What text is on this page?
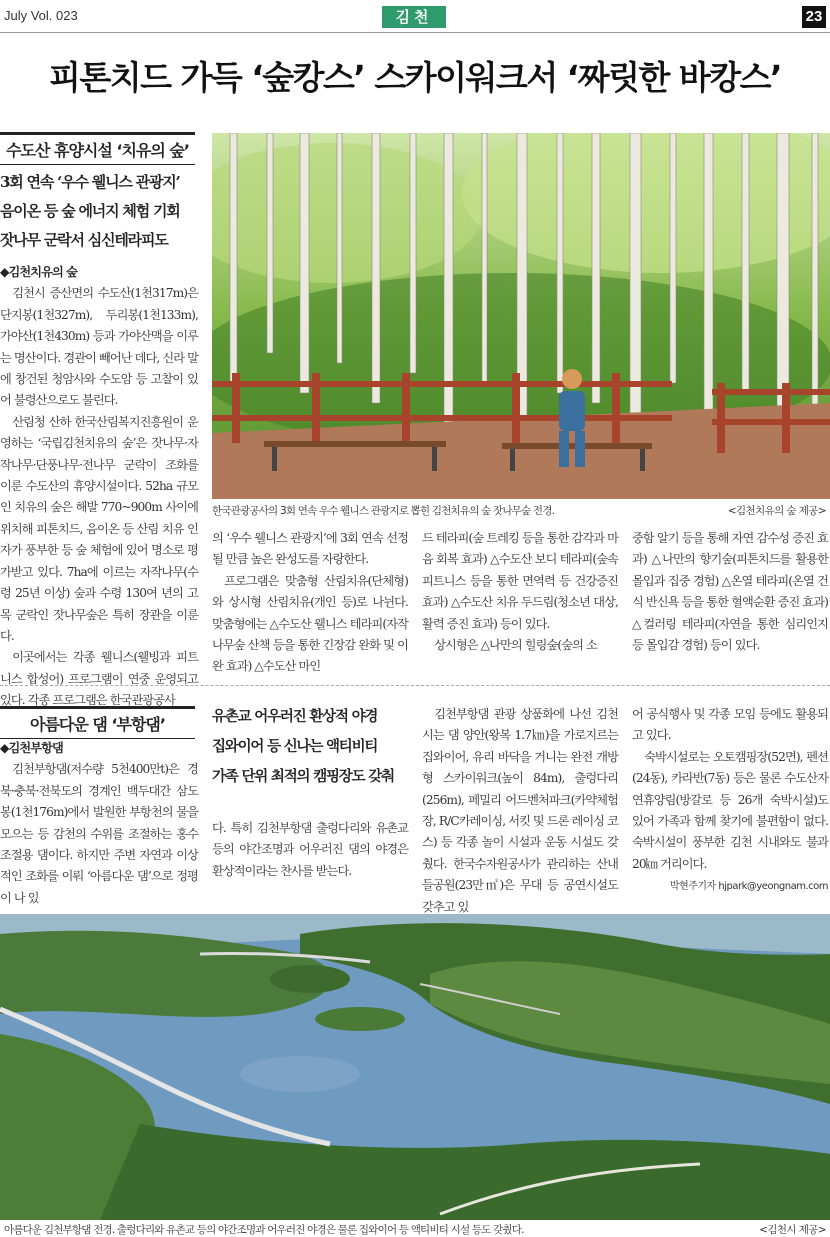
July Vol. 023	김천	23
피톤치드 가득 ‘숲캉스’ 스카이워크서 ‘짜릿한 바캉스’
수도산 휴양시설 ‘치유의 숲’
3회 연속 ‘우수 웰니스 관광지’
음이온 등 숲 에너지 체험 기회
잣나무 군락서 심신테라피도

◆김천치유의 숲

김천시 증산면의 수도산(1천317m)은 단지봉(1천327m), 두리봉(1천133m), 가야산(1천430m) 등과 가야산맥을 이루는 명산이다. 경관이 빼어난 데다, 신라 말에 창건된 청암사와 수도암 등 고찰이 있어 불령산으로도 불린다.

산림청 산하 한국산림복지진흥원이 운영하는 ‘국립김천치유의 숲’은 잣나무·자작나무·단풍나무·전나무 군락이 조화를 이룬 수도산의 휴양시설이다. 52ha 규모인 치유의 숲은 해발 770~900m 사이에 위치해 피톤치드, 음이온 등 산림 치유 인자가 풍부한 등 숲 체험에 있어 명소로 평가받고 있다. 7ha에 이르는 자작나무(수령 25년 이상) 숲과 수령 130여 년의 고목 군락인 잣나무숲은 특히 장관을 이룬다.

이곳에서는 각종 웰니스(웰빙과 피트니스 합성어) 프로그램이 연중 운영되고 있다. 각종 프로그램은 한국관광공사

한국관광공사의 3회 연속 우수 웰니스 관광지로 뽑힌 김천치유의 숲 잣나무숲 전경.	<김천치유의 숲 제공>

의 ‘우수 웰니스 관광지’에 3회 연속 선정될 만큼 높은 완성도를 자랑한다.

프로그램은 맞춤형 산림치유(단체형)와 상시형 산림치유(개인 등)로 나뉜다. 맞춤형에는 △수도산 웰니스 테라피(자작나무숲 산책 등을 통한 긴장감 완화 및 이완 효과) △수도산 마인

드 테라피(숲 트레킹 등을 통한 감각과 마음 회복 효과) △수도산 보디 테라피(숲속 피트니스 등을 통한 면역력 등 건강증진 효과) △수도산 치유 두드림(청소년 대상, 활력 증진 효과) 등이 있다.

상시형은 △나만의 힐링숲(숲의 소

중함 알기 등을 통해 자연 감수성 증진 효과) △나만의 향기숲(피톤치드를 활용한 몰입과 집중 경험) △온열 테라피(온열 건식 반신욕 등을 통한 혈액순환 증진 효과) △컬러링 테라피(자연을 통한 심리인지 등 몰입감 경험) 등이 있다.

아름다운 댐 ‘부항댐’

◆김천부항댐

김천부항댐(저수량 5천400만t)은 경북·충북·전북도의 경계인 백두대간 삼도봉(1천176m)에서 발원한 부항천의 물을 모으는 등 감천의 수위를 조절하는 홍수조절용 댐이다. 하지만 주변 자연과 이상적인 조화를 이뤄 ‘아름다운 댐’으로 정평이 나 있

유촌교 어우러진 환상적 야경
집와이어 등 신나는 액티비티
가족 단위 최적의 캠핑장도 갖춰

다. 특히 김천부항댐 출렁다리와 유촌교 등의 야간조명과 어우러진 댐의 야경은 환상적이라는 찬사를 받는다.

김천부항댐 관광 상품화에 나선 김천시는 댐 양안(왕복 1.7㎞)을 가로지르는 집와이어, 유리 바닥을 거니는 완전 개방형 스카이워크(높이 84m), 출렁다리(256m), 페밀리 어드벤처파크(카약체험장, R/C카레이싱, 서킷 및 드론 레이싱 코스) 등 각종 놀이 시설과 운동 시설도 갖췄다. 한국수자원공사가 관리하는 산내들공원(23만㎡)은 무대 등 공연시설도 갖추고 있

어 공식행사 및 각종 모임 등에도 활용되고 있다.

숙박시설로는 오토캠핑장(52면), 펜션(24동), 카라반(7동) 등은 물론 수도산자연휴양림(방갈로 등 26개 숙박시설)도 있어 가족과 함께 찾기에 불편함이 없다. 숙박시설이 풍부한 김천 시내와도 불과 20㎞ 거리이다.

박현주기자 hjpark@yeongnam.com
아름다운 김천부항댐 전경. 출렁다리와 유촌교 등의 야간조명과 어우러진 야경은 물론 집와이어 등 액티비티 시설 등도 갖췄다.	<김천시 제공>
